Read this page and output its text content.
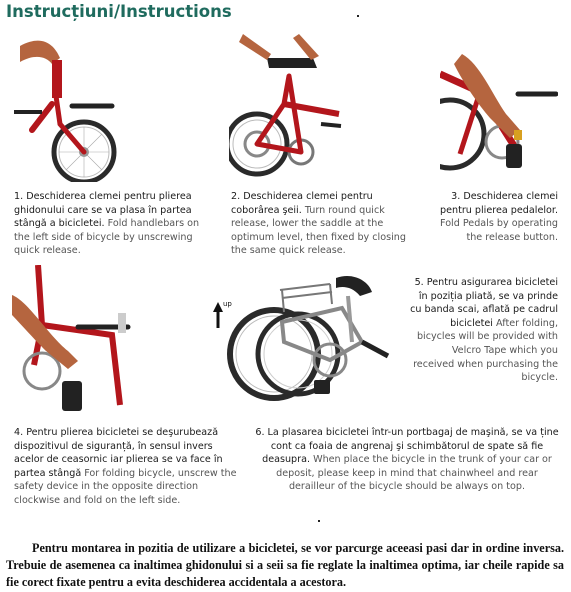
Instrucțiuni/Instructions
1. Deschiderea clemei pentru plierea ghidonului care se va plasa în partea stângă a bicicletei. Fold handlebars on the left side of bicycle by unscrewing quick release.
2. Deschiderea clemei pentru coborârea şeii. Turn round quick release, lower the saddle at the optimum level, then fixed by closing the same quick release.
3. Deschiderea clemei pentru plierea pedalelor. Fold Pedals by operating the release button.
up
5. Pentru asigurarea bicicletei în poziția pliată, se va prinde cu banda scai, aflată pe cadrul bicicletei After folding, bicycles will be provided with Velcro Tape which you received when purchasing the bicycle.
4. Pentru plierea bicicletei se deşurubează dispozitivul de siguranță, în sensul invers acelor de ceasornic iar plierea se va face în partea stângă For folding bicycle, unscrew the safety device in the opposite direction clockwise and fold on the left side.
6. La plasarea bicicletei într-un portbagaj de maşină, se va ține cont ca foaia de angrenaj şi schimbătorul de spate să fie deasupra. When place the bicycle in the trunk of your car or deposit, please keep in mind that chainwheel and rear derailleur of the bicycle should be always on top.
Pentru montarea in pozitia de utilizare a bicicletei, se vor parcurge aceeasi pasi dar in ordine inversa. Trebuie de asemenea ca inaltimea ghidonului si a seii sa fie reglate la inaltimea optima, iar cheile rapide sa fie corect fixate pentru a evita deschiderea accidentala a acestora.
